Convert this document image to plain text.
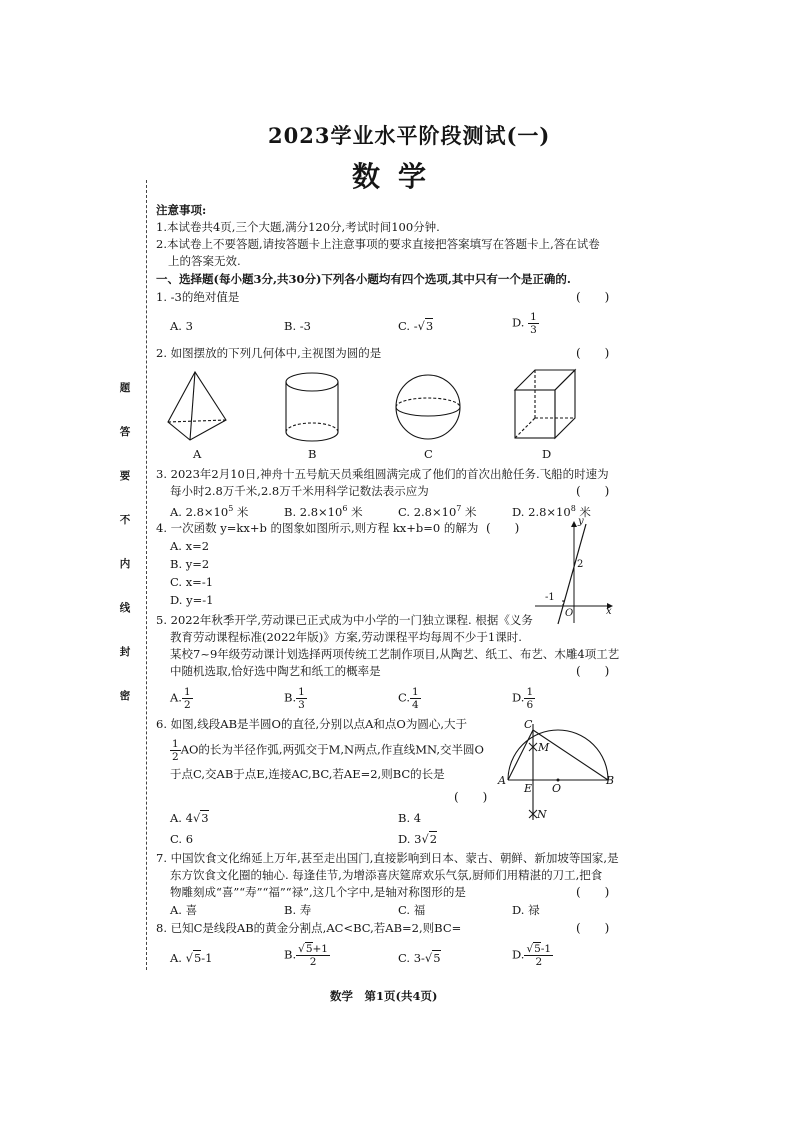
题
答
要
不
内
线
封
密
2023学业水平阶段测试(一)
数学
注意事项:
1.本试卷共4页,三个大题,满分120分,考试时间100分钟.
2.本试卷上不要答题,请按答题卡上注意事项的要求直接把答案填写在答题卡上,答在试卷
上的答案无效.
一、选择题(每小题3分,共30分)下列各小题均有四个选项,其中只有一个是正确的.
1. -3的绝对值是	(　　)
A. 3	B. -3	C. -√3	D. $\frac{1}{3}$
2. 如图摆放的下列几何体中,主视图为圆的是	(　　)
A	B	C	D
3. 2023年2月10日,神舟十五号航天员乘组圆满完成了他们的首次出舱任务.飞船的时速为
每小时2.8万千米,2.8万千米用科学记数法表示应为	(　　)
A. $2.8\times 10^5$ 米	B. $2.8\times 10^6$ 米	C. $2.8\times 10^7$ 米	D. $2.8\times 10^8$ 米
4. 一次函数 y=kx+b 的图象如图所示,则方程 kx+b=0 的解为 (　　)
A. x=2
B. y=2
C. x=-1
D. y=-1
y
x
2
-1
O
5. 2022年秋季开学,劳动课已正式成为中小学的一门独立课程. 根据《义务
教育劳动课程标准(2022年版)》方案,劳动课程平均每周不少于1课时.
某校7~9年级劳动课计划选择两项传统工艺制作项目,从陶艺、纸工、布艺、木雕4项工艺
中随机选取,恰好选中陶艺和纸工的概率是	(　　)
A. $\frac{1}{2}$	B. $\frac{1}{3}$	C. $\frac{1}{4}$	D. $\frac{1}{6}$
6. 如图,线段AB是半圆O的直径,分别以点A和点O为圆心,大于
$\frac{1}{2}$ AO的长为半径作弧,两弧交于M,N两点,作直线MN,交半圆O
于点C,交AB于点E,连接AC,BC,若AE=2,则BC的长是
(　　)
A. 4√3	B. 4
C. 6	D. 3√2
C
M
A
E O
B
N
7. 中国饮食文化绵延上万年,甚至走出国门,直接影响到日本、蒙古、朝鲜、新加坡等国家,是
东方饮食文化圈的轴心. 每逢佳节,为增添喜庆筵席欢乐气氛,厨师们用精湛的刀工,把食
物雕刻成“喜”“寿”“福”“禄”,这几个字中,是轴对称图形的是	(　　)
A. 喜	B. 寿	C. 福	D. 禄
8. 已知C是线段AB的黄金分割点,AC<BC,若AB=2,则BC=	(　　)
A. √5-1	B. $\frac{√5+1}{2}$	C. 3-√5	D. $\frac{√5-1}{2}$
数学　第1页(共4页)
